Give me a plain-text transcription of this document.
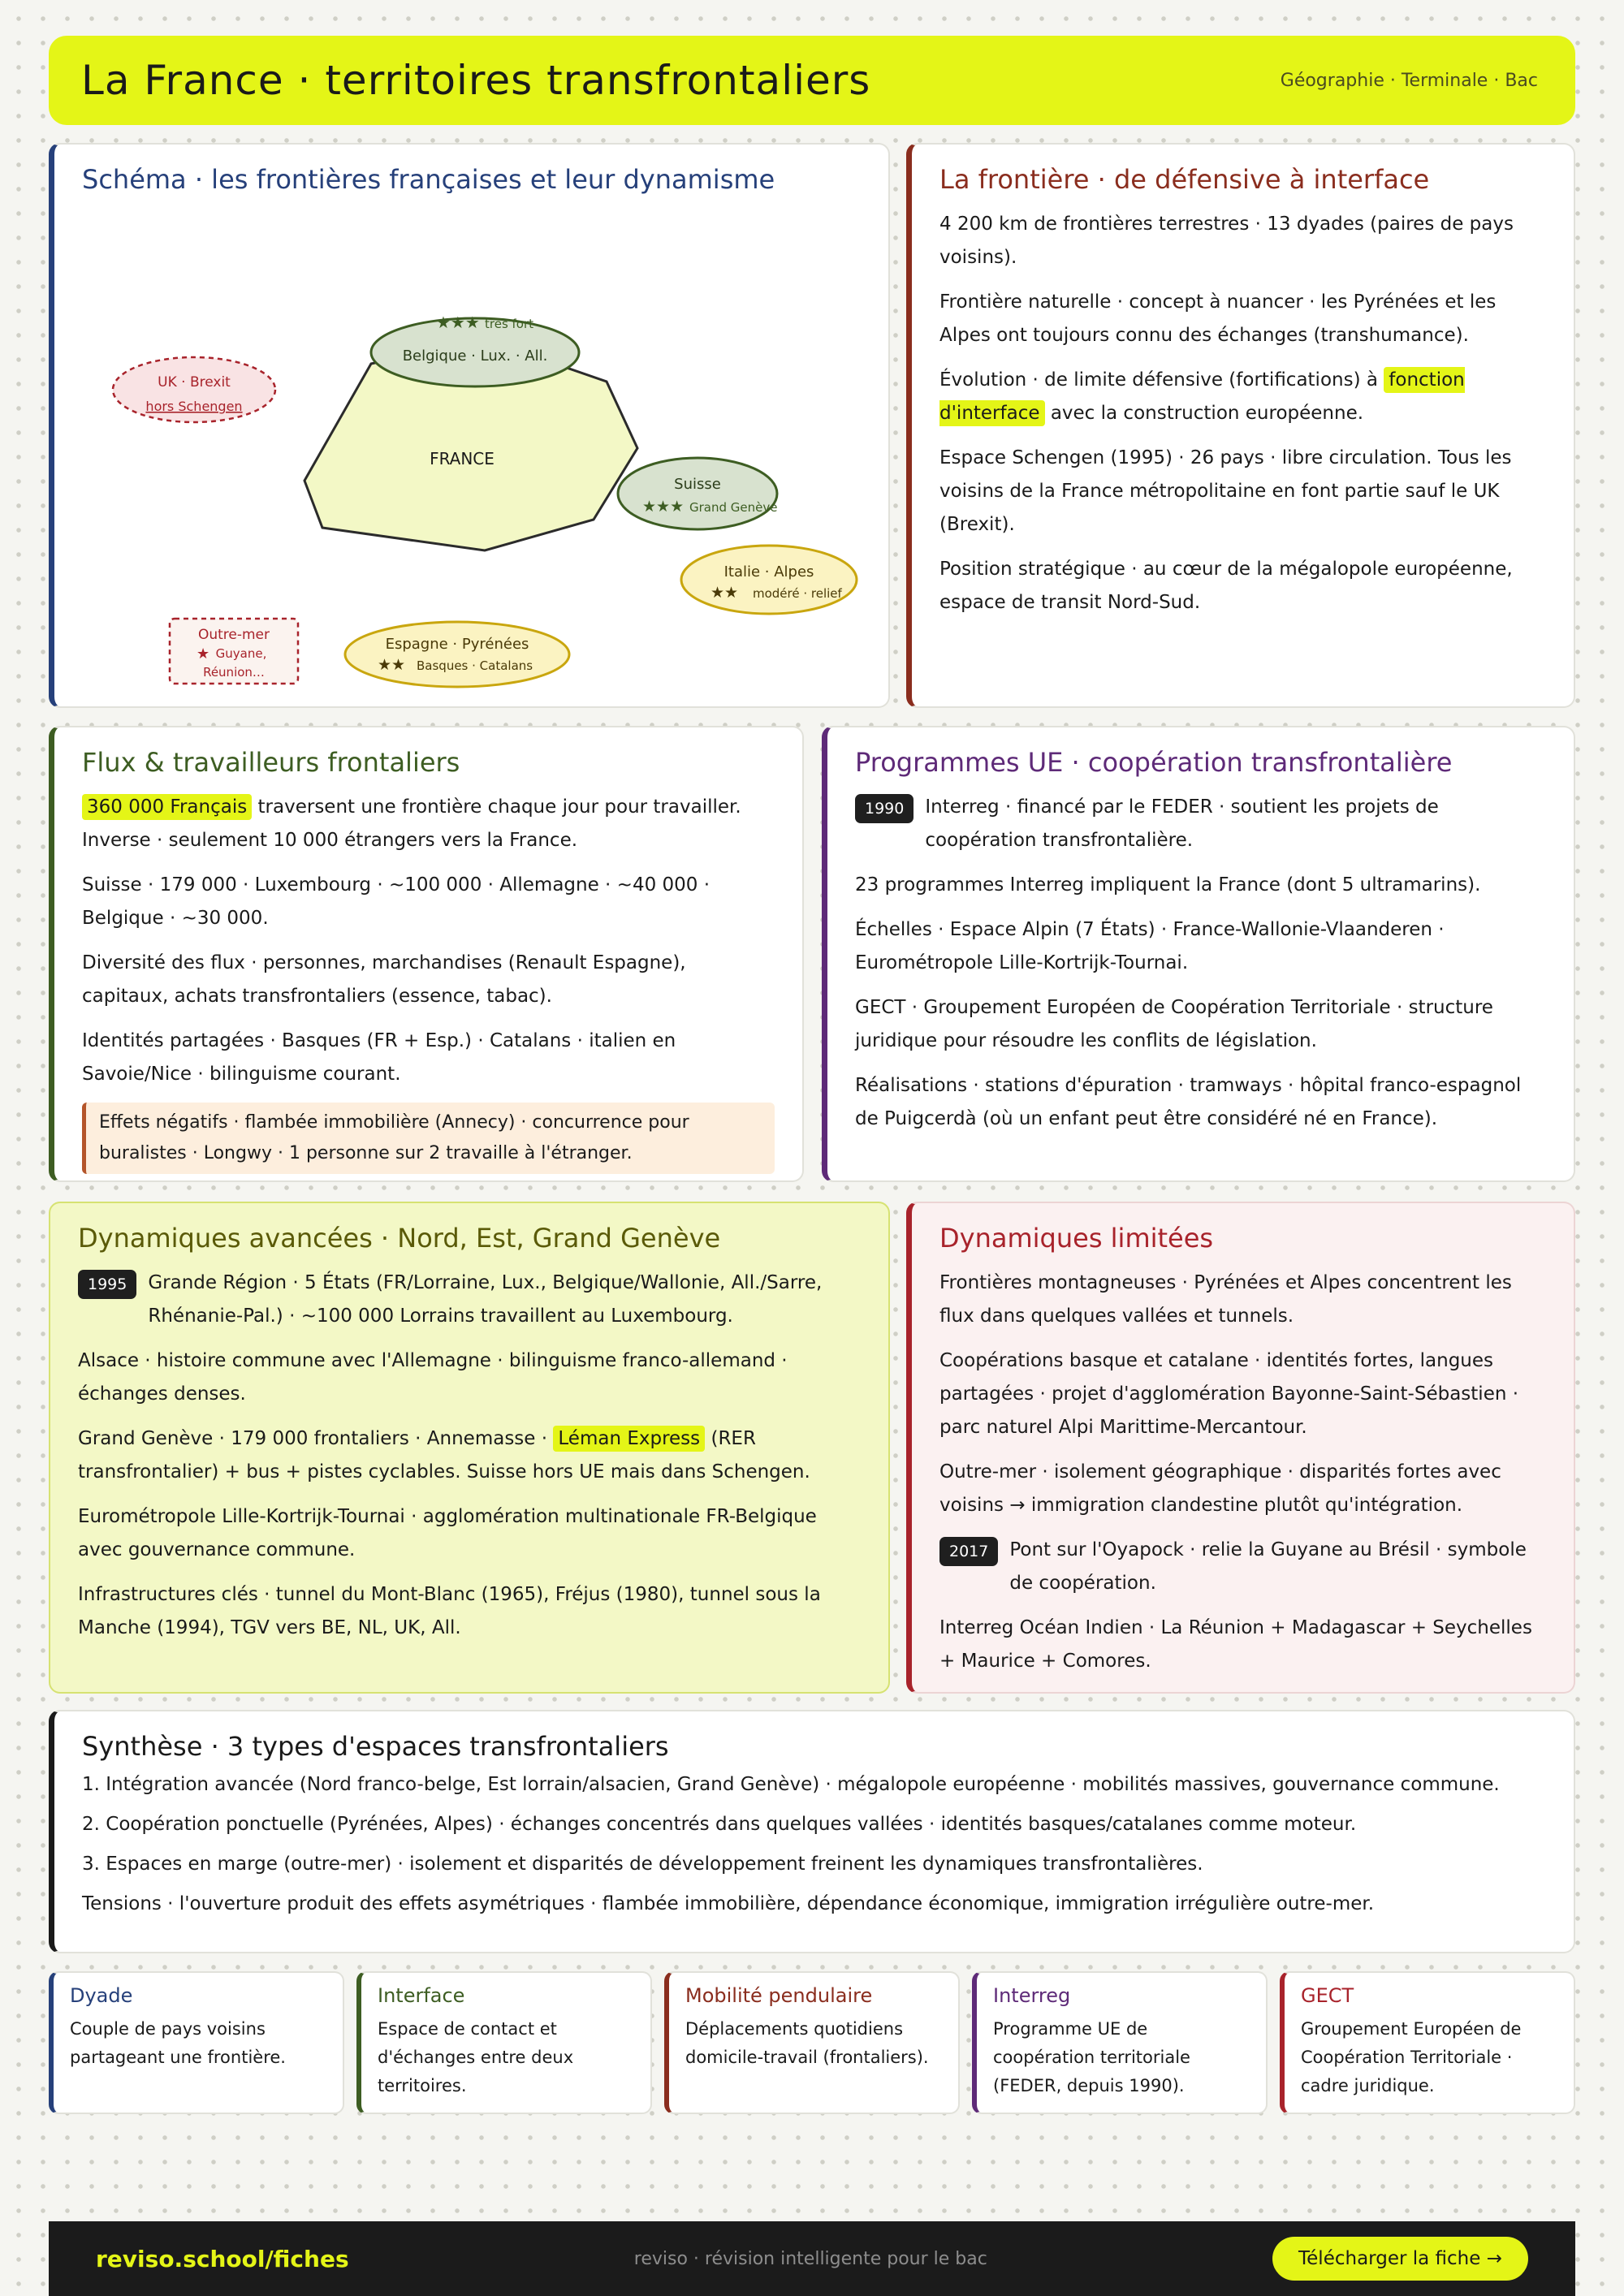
La France · territoires transfrontaliers	Géographie · Terminale · Bac
Schéma · les frontières françaises et leur dynamisme
FRANCE
★★★ très fort
Belgique · Lux. · All.
UK · Brexit
hors Schengen
Suisse
★★★ Grand Genève
Italie · Alpes
★★ modéré · relief
Outre-mer
★ Guyane,
Réunion…
Espagne · Pyrénées
★★ Basques · Catalans
La frontière · de défensive à interface

4 200 km de frontières terrestres · 13 dyades (paires de pays voisins).

Frontière naturelle · concept à nuancer · les Pyrénées et les Alpes ont toujours connu des échanges (transhumance).

Évolution · de limite défensive (fortifications) à fonction d'interface avec la construction européenne.

Espace Schengen (1995) · 26 pays · libre circulation. Tous les voisins de la France métropolitaine en font partie sauf le UK (Brexit).

Position stratégique · au cœur de la mégalopole européenne, espace de transit Nord-Sud.

Flux & travailleurs frontaliers

360 000 Français traversent une frontière chaque jour pour travailler. Inverse · seulement 10 000 étrangers vers la France.

Suisse · 179 000 · Luxembourg · ~100 000 · Allemagne · ~40 000 · Belgique · ~30 000.

Diversité des flux · personnes, marchandises (Renault Espagne), capitaux, achats transfrontaliers (essence, tabac).

Identités partagées · Basques (FR + Esp.) · Catalans · italien en Savoie/Nice · bilinguisme courant.

Effets négatifs · flambée immobilière (Annecy) · concurrence pour buralistes · Longwy · 1 personne sur 2 travaille à l'étranger.
Programmes UE · coopération transfrontalière

1990	Interreg · financé par le FEDER · soutient les projets de coopération transfrontalière.

23 programmes Interreg impliquent la France (dont 5 ultramarins).

Échelles · Espace Alpin (7 États) · France-Wallonie-Vlaanderen · Eurométropole Lille-Kortrijk-Tournai.

GECT · Groupement Européen de Coopération Territoriale · structure juridique pour résoudre les conflits de législation.

Réalisations · stations d'épuration · tramways · hôpital franco-espagnol de Puigcerdà (où un enfant peut être considéré né en France).

Dynamiques avancées · Nord, Est, Grand Genève

1995	Grande Région · 5 États (FR/Lorraine, Lux., Belgique/Wallonie, All./Sarre, Rhénanie-Pal.) · ~100 000 Lorrains travaillent au Luxembourg.

Alsace · histoire commune avec l'Allemagne · bilinguisme franco-allemand · échanges denses.

Grand Genève · 179 000 frontaliers · Annemasse · Léman Express (RER transfrontalier) + bus + pistes cyclables. Suisse hors UE mais dans Schengen.

Eurométropole Lille-Kortrijk-Tournai · agglomération multinationale FR-Belgique avec gouvernance commune.

Infrastructures clés · tunnel du Mont-Blanc (1965), Fréjus (1980), tunnel sous la Manche (1994), TGV vers BE, NL, UK, All.

Dynamiques limitées

Frontières montagneuses · Pyrénées et Alpes concentrent les flux dans quelques vallées et tunnels.

Coopérations basque et catalane · identités fortes, langues partagées · projet d'agglomération Bayonne-Saint-Sébastien · parc naturel Alpi Marittime-Mercantour.

Outre-mer · isolement géographique · disparités fortes avec voisins → immigration clandestine plutôt qu'intégration.

2017	Pont sur l'Oyapock · relie la Guyane au Brésil · symbole de coopération.

Interreg Océan Indien · La Réunion + Madagascar + Seychelles + Maurice + Comores.

Synthèse · 3 types d'espaces transfrontaliers

1. Intégration avancée (Nord franco-belge, Est lorrain/alsacien, Grand Genève) · mégalopole européenne · mobilités massives, gouvernance commune.

2. Coopération ponctuelle (Pyrénées, Alpes) · échanges concentrés dans quelques vallées · identités basques/catalanes comme moteur.

3. Espaces en marge (outre-mer) · isolement et disparités de développement freinent les dynamiques transfrontalières.

Tensions · l'ouverture produit des effets asymétriques · flambée immobilière, dépendance économique, immigration irrégulière outre-mer.

Dyade

Couple de pays voisins partageant une frontière.

Interface

Espace de contact et d'échanges entre deux territoires.

Mobilité pendulaire

Déplacements quotidiens domicile-travail (frontaliers).

Interreg

Programme UE de coopération territoriale (FEDER, depuis 1990).

GECT

Groupement Européen de Coopération Territoriale · cadre juridique.

reviso.school/fiches	reviso · révision intelligente pour le bac	Télécharger la fiche →
